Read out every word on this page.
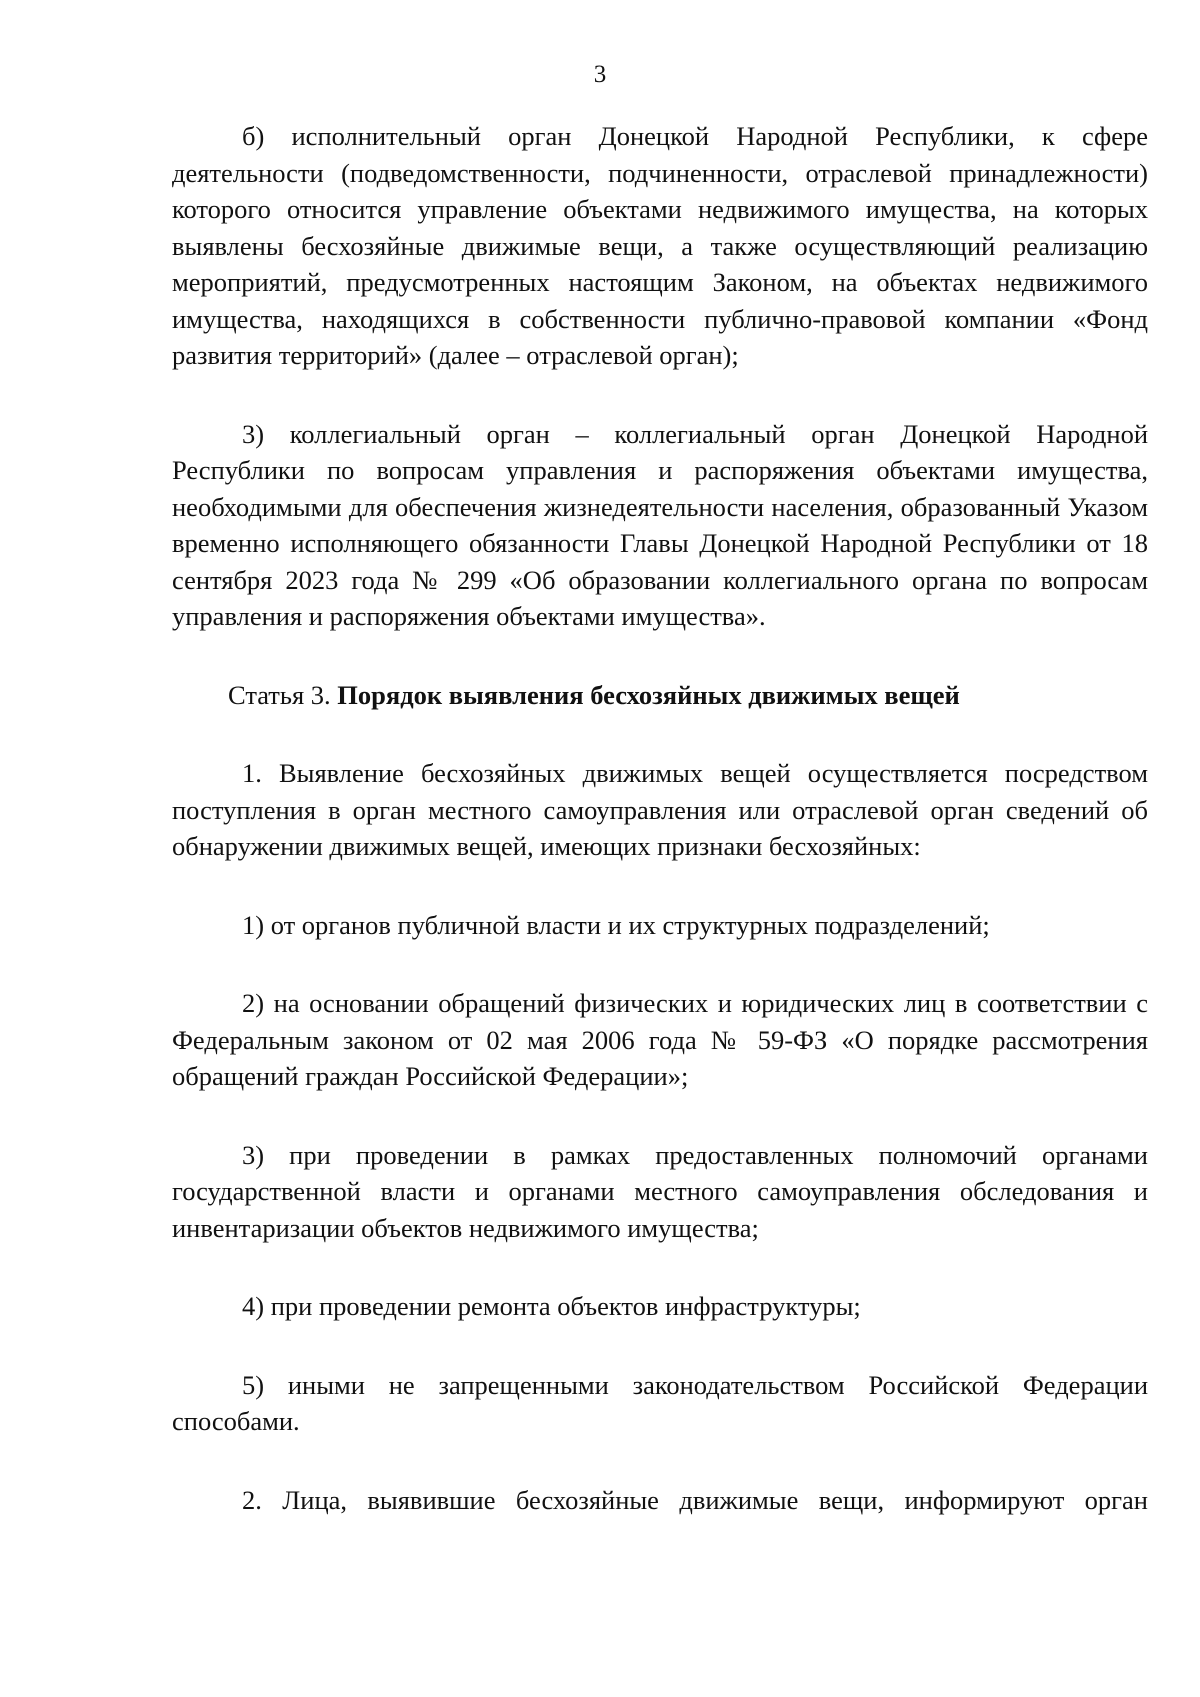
3

б) исполнительный орган Донецкой Народной Республики, к сфере деятельности (подведомственности, подчиненности, отраслевой принадлежности) которого относится управление объектами недвижимого имущества, на которых выявлены бесхозяйные движимые вещи, а также осуществляющий реализацию мероприятий, предусмотренных настоящим Законом, на объектах недвижимого имущества, находящихся в собственности публично-правовой компании «Фонд развития территорий» (далее – отраслевой орган);

3) коллегиальный орган – коллегиальный орган Донецкой Народной Республики по вопросам управления и распоряжения объектами имущества, необходимыми для обеспечения жизнедеятельности населения, образованный Указом временно исполняющего обязанности Главы Донецкой Народной Республики от 18 сентября 2023 года № 299 «Об образовании коллегиального органа по вопросам управления и распоряжения объектами имущества».

Статья 3. Порядок выявления бесхозяйных движимых вещей

1. Выявление бесхозяйных движимых вещей осуществляется посредством поступления в орган местного самоуправления или отраслевой орган сведений об обнаружении движимых вещей, имеющих признаки бесхозяйных:

1) от органов публичной власти и их структурных подразделений;

2) на основании обращений физических и юридических лиц в соответствии с Федеральным законом от 02 мая 2006 года № 59-ФЗ «О порядке рассмотрения обращений граждан Российской Федерации»;

3) при проведении в рамках предоставленных полномочий органами государственной власти и органами местного самоуправления обследования и инвентаризации объектов недвижимого имущества;

4) при проведении ремонта объектов инфраструктуры;

5) иными не запрещенными законодательством Российской Федерации способами.

2. Лица, выявившие бесхозяйные движимые вещи, информируют орган
